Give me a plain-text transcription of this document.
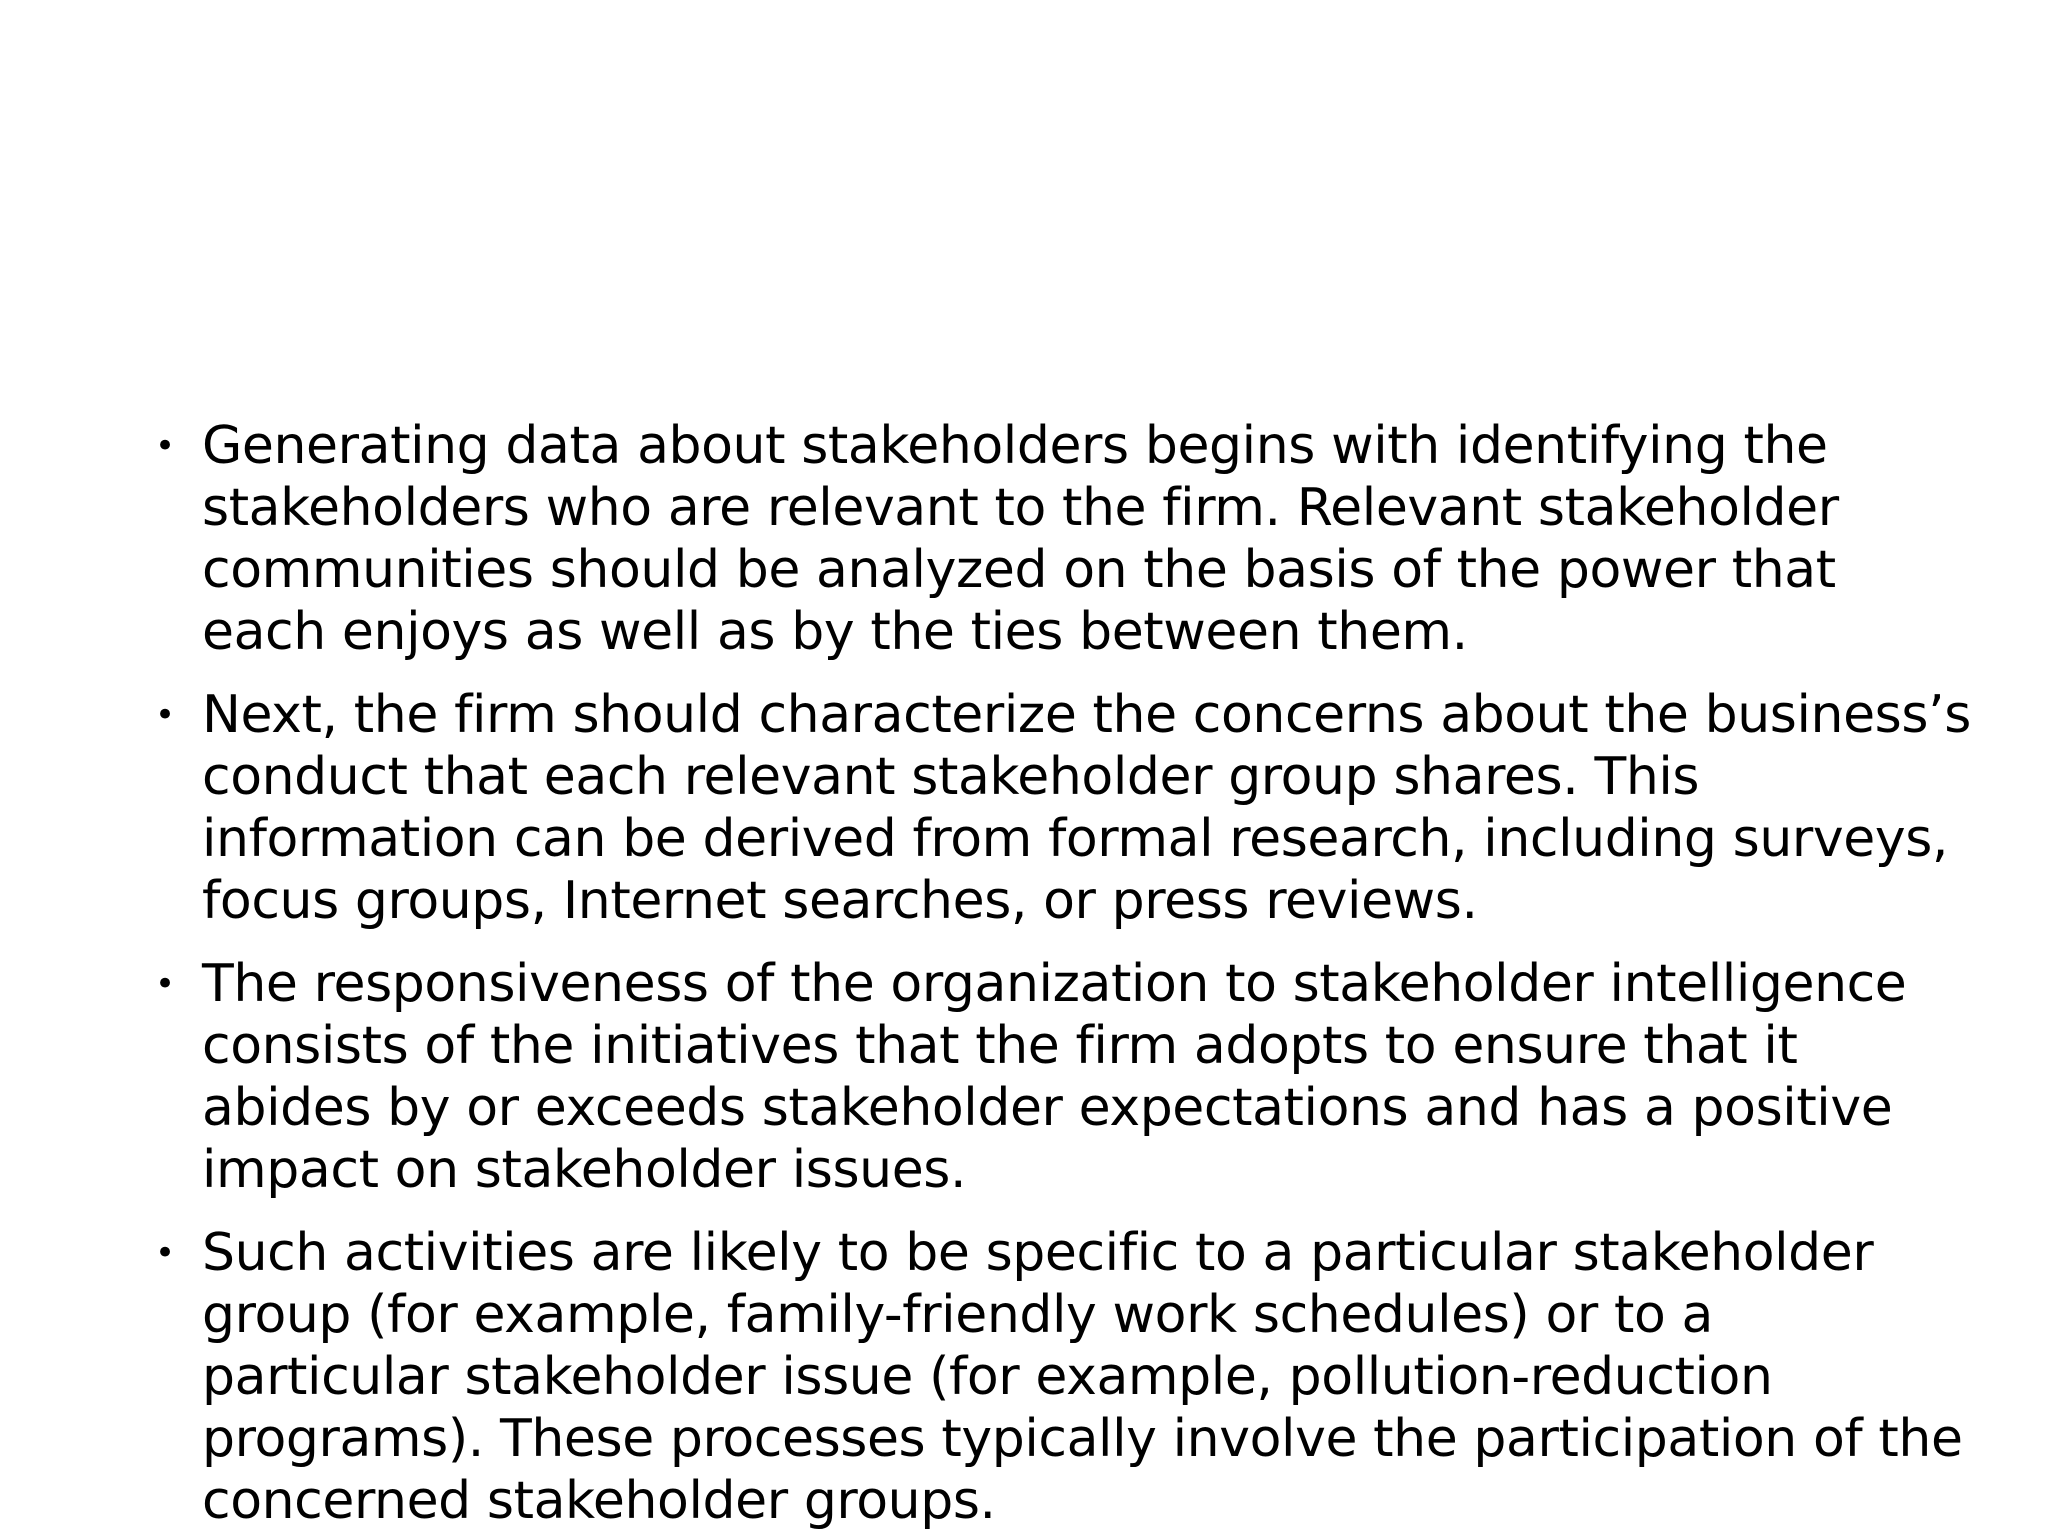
• Generating data about stakeholders begins with identifying the
stakeholders who are relevant to the firm. Relevant stakeholder
communities should be analyzed on the basis of the power that
each enjoys as well as by the ties between them.
• Next, the firm should characterize the concerns about the business’s
conduct that each relevant stakeholder group shares. This
information can be derived from formal research, including surveys,
focus groups, Internet searches, or press reviews.
• The responsiveness of the organization to stakeholder intelligence
consists of the initiatives that the firm adopts to ensure that it
abides by or exceeds stakeholder expectations and has a positive
impact on stakeholder issues.
• Such activities are likely to be specific to a particular stakeholder
group (for example, family-friendly work schedules) or to a
particular stakeholder issue (for example, pollution-reduction
programs). These processes typically involve the participation of the
concerned stakeholder groups.
